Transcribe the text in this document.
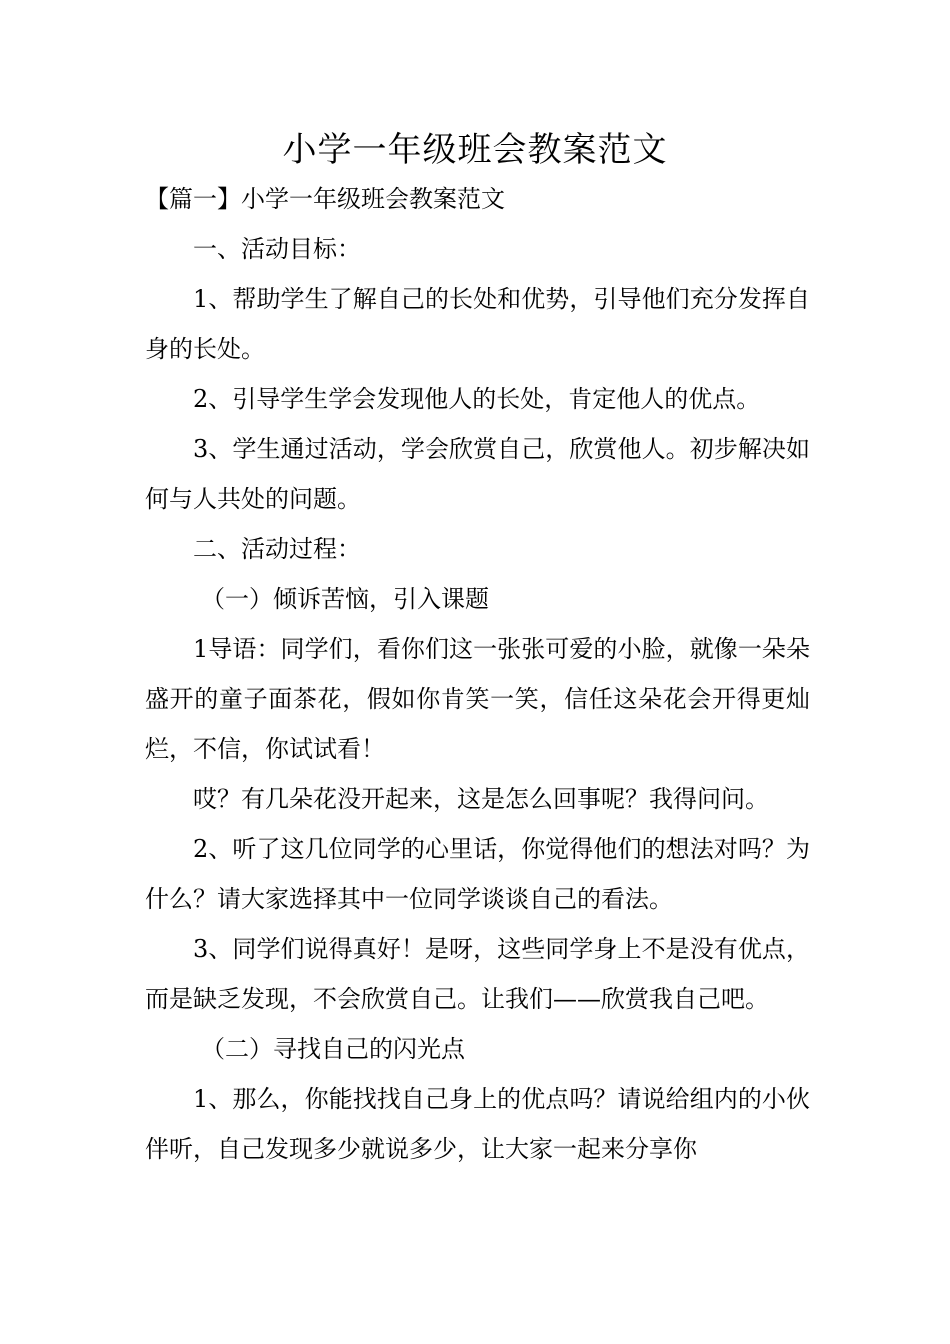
小学一年级班会教案范文

【篇一】小学一年级班会教案范文

一、活动目标：

1、帮助学生了解自己的长处和优势，引导他们充分发挥自身的长处。

2、引导学生学会发现他人的长处，肯定他人的优点。

3、学生通过活动，学会欣赏自己，欣赏他人。初步解决如何与人共处的问题。

二、活动过程：

（一）倾诉苦恼，引入课题

1导语：同学们，看你们这一张张可爱的小脸，就像一朵朵盛开的童子面茶花，假如你肯笑一笑，信任这朵花会开得更灿烂，不信，你试试看！

哎？有几朵花没开起来，这是怎么回事呢？我得问问。

2、听了这几位同学的心里话，你觉得他们的想法对吗？为什么？请大家选择其中一位同学谈谈自己的看法。

3、同学们说得真好！是呀，这些同学身上不是没有优点，而是缺乏发现，不会欣赏自己。让我们——欣赏我自己吧。

（二）寻找自己的闪光点

1、那么，你能找找自己身上的优点吗？请说给组内的小伙伴听，自己发现多少就说多少，让大家一起来分享你
